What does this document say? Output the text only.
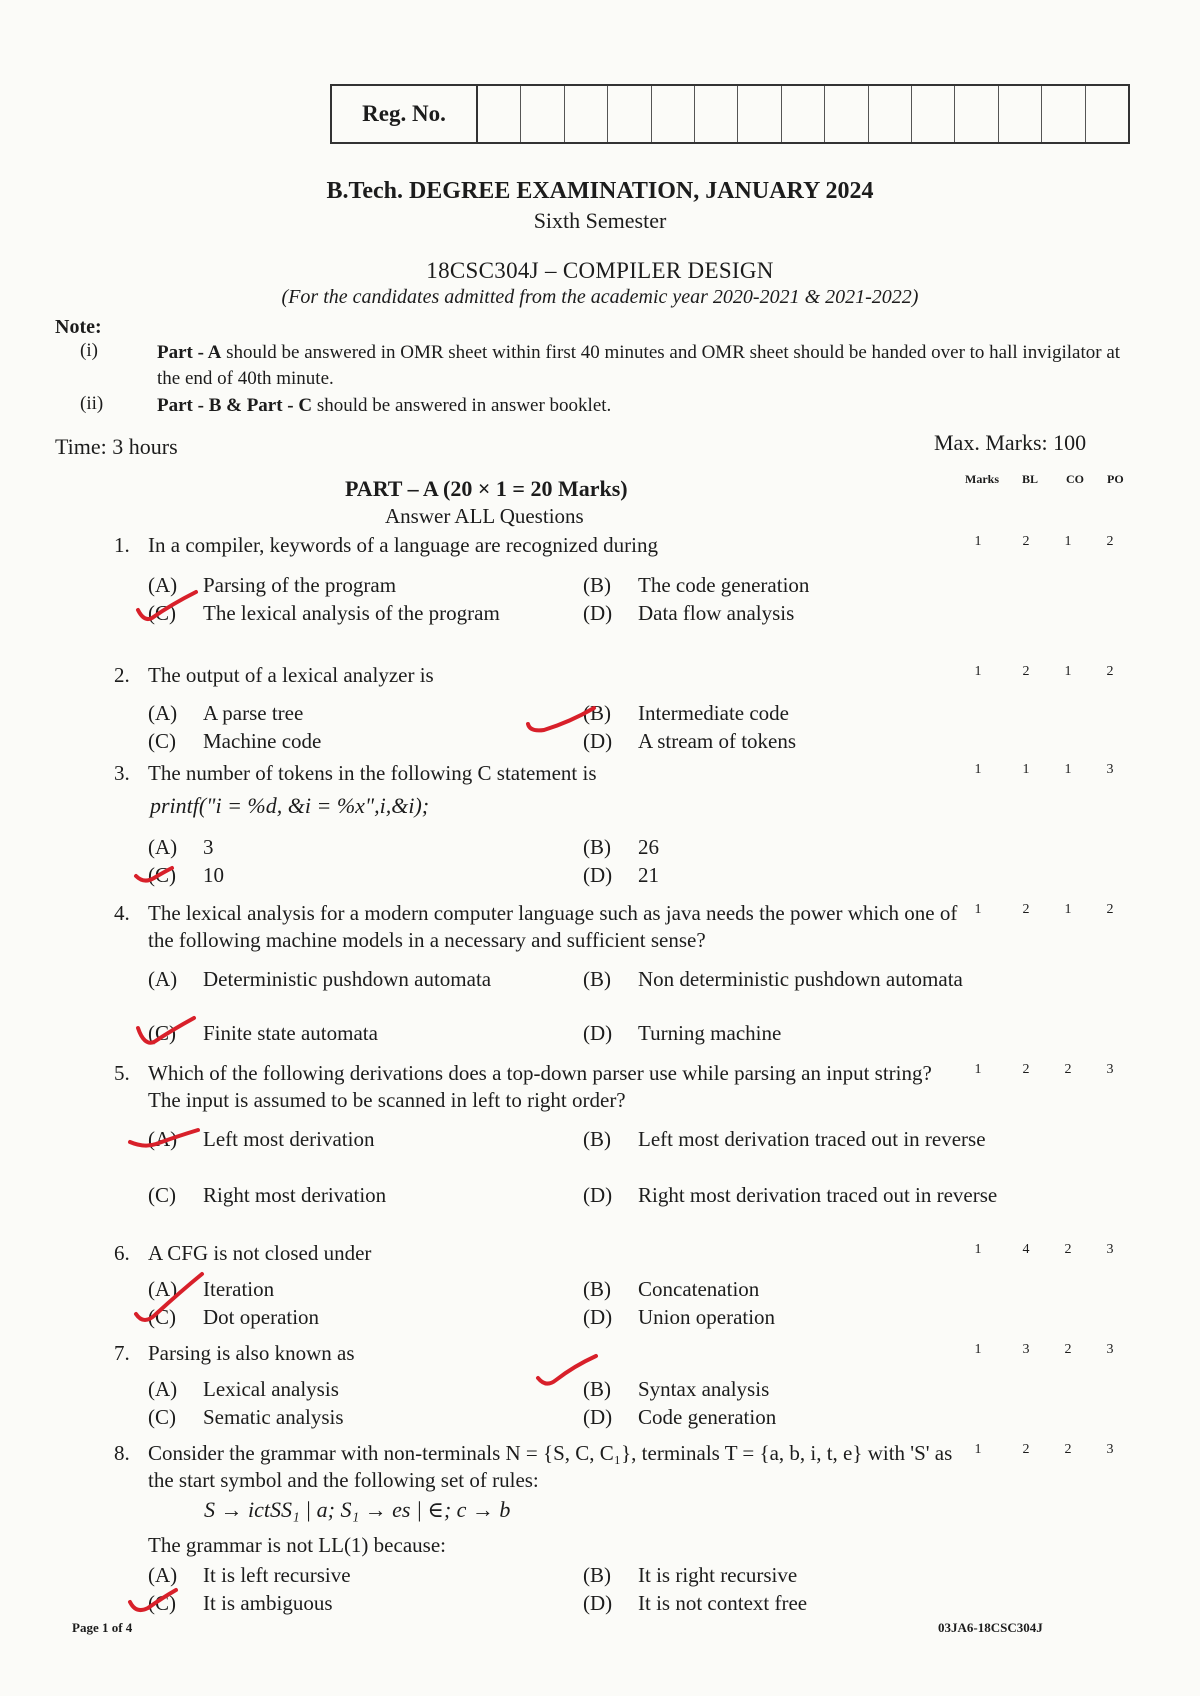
Reg. No.
B.Tech. DEGREE EXAMINATION, JANUARY 2024
Sixth Semester
18CSC304J – COMPILER DESIGN
(For the candidates admitted from the academic year 2020-2021 & 2021-2022)
Note:
(i)	Part - A should be answered in OMR sheet within first 40 minutes and OMR sheet should be handed over to hall invigilator at the end of 40th minute.
(ii)	Part - B & Part - C should be answered in answer booklet.
Time: 3 hours	Max. Marks: 100
Marks BL CO PO
PART – A (20 × 1 = 20 Marks)
Answer ALL Questions
1. In a compiler, keywords of a language are recognized during
(A) Parsing of the program	(B) The code generation
(C) The lexical analysis of the program	(D) Data flow analysis
1	2	1	2
2. The output of a lexical analyzer is
(A) A parse tree	(B) Intermediate code
(C) Machine code	(D) A stream of tokens
1	2	1	2
3. The number of tokens in the following C statement is
printf("i = %d, &i = %x",i,&i);
(A) 3	(B) 26
(C) 10	(D) 21
1	1	1	3
4. The lexical analysis for a modern computer language such as java needs the power which one of the following machine models in a necessary and sufficient sense?
(A) Deterministic pushdown automata	(B) Non deterministic pushdown automata
(C) Finite state automata	(D) Turning machine
1	2	1	2
5. Which of the following derivations does a top-down parser use while parsing an input string? The input is assumed to be scanned in left to right order?
(A) Left most derivation	(B) Left most derivation traced out in reverse
(C) Right most derivation	(D) Right most derivation traced out in reverse
1	2	2	3
6. A CFG is not closed under
(A) Iteration	(B) Concatenation
(C) Dot operation	(D) Union operation
1	4	2	3
7. Parsing is also known as
(A) Lexical analysis	(B) Syntax analysis
(C) Sematic analysis	(D) Code generation
1	3	2	3
8. Consider the grammar with non-terminals N = {S, C, C₁}, terminals T = {a, b, i, t, e} with 'S' as the start symbol and the following set of rules:
S → ictSS₁ | a; S₁ → es | ∈; c → b
The grammar is not LL(1) because:
(A) It is left recursive	(B) It is right recursive
(C) It is ambiguous	(D) It is not context free
1	2	2	3
Page 1 of 4	03JA6-18CSC304J
